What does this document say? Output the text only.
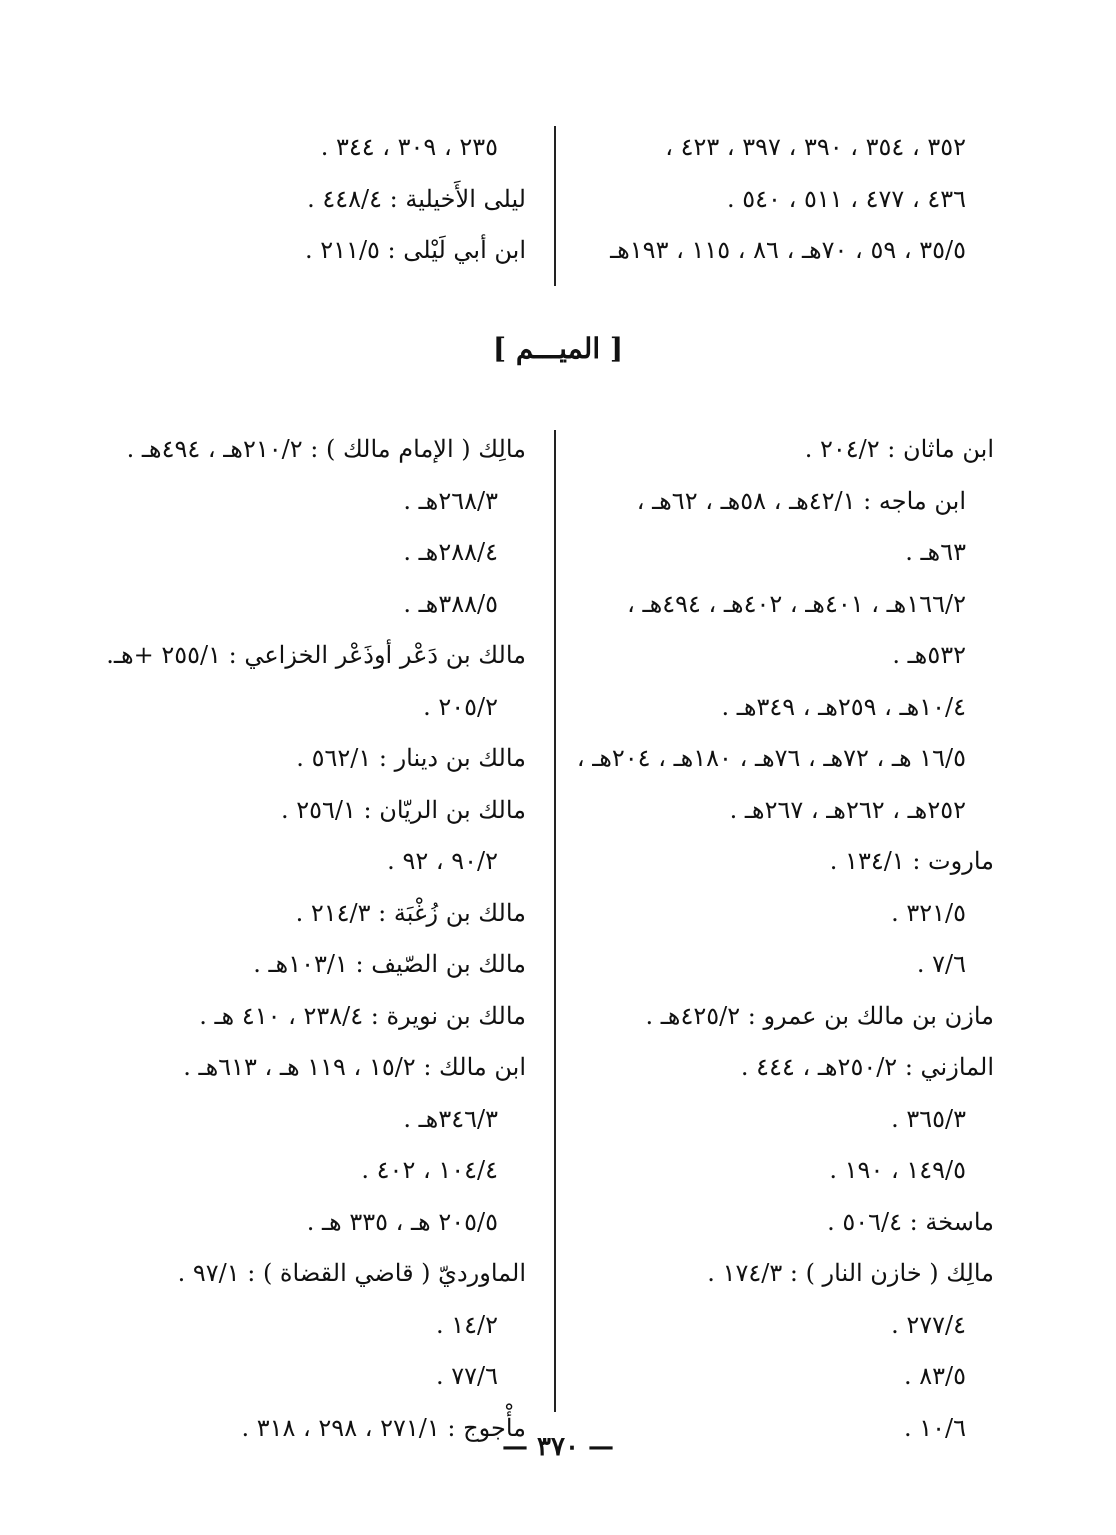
٣٥٢ ، ٣٥٤ ، ٣٩٠ ، ٣٩٧ ، ٤٢٣ ،
٤٣٦ ، ٤٧٧ ، ٥١١ ، ٥٤٠ .
٣٥/٥ ، ٥٩ ، ٧٠هـ ، ٨٦ ، ١١٥ ، ١٩٣هـ
٢٣٥ ، ٣٠٩ ، ٣٤٤ .
ليلى الأَخيلية : ٤٤٨/٤ .
ابن أبي لَيْلى : ٢١١/٥ .
[ الميـــم ]
ابن ماثان : ٢٠٤/٢ .
ابن ماجه : ٤٢/١هـ ، ٥٨هـ ، ٦٢هـ ،
٦٣هـ .
١٦٦/٢هـ ، ٤٠١هـ ، ٤٠٢هـ ، ٤٩٤هـ ،
٥٣٢هـ .
١٠/٤هـ ، ٢٥٩هـ ، ٣٤٩هـ .
١٦/٥ هـ ، ٧٢هـ ، ٧٦هـ ، ١٨٠هـ ، ٢٠٤هـ ،
٢٥٢هـ ، ٢٦٢هـ ، ٢٦٧هـ .
ماروت : ١٣٤/١ .
٣٢١/٥ .
٧/٦ .
مازن بن مالك بن عمرو : ٤٢٥/٢هـ .
المازني : ٢٥٠/٢هـ ، ٤٤٤ .
٣٦٥/٣ .
١٤٩/٥ ، ١٩٠ .
ماسخة : ٥٠٦/٤ .
مالِك ( خازن النار ) : ١٧٤/٣ .
٢٧٧/٤ .
٨٣/٥ .
١٠/٦ .
مالِك ( الإمام مالك ) : ٢١٠/٢هـ ، ٤٩٤هـ .
٢٦٨/٣هـ .
٢٨٨/٤هـ .
٣٨٨/٥هـ .
مالك بن دَعْر أوذَعْر الخزاعي : ٢٥٥/١ +هـ.
٢٠٥/٢ .
مالك بن دينار : ٥٦٢/١ .
مالك بن الريّان : ٢٥٦/١ .
٩٠/٢ ، ٩٢ .
مالك بن زُغْبَة : ٢١٤/٣ .
مالك بن الصّيف : ١٠٣/١هـ .
مالك بن نويرة : ٢٣٨/٤ ، ٤١٠ هـ .
ابن مالك : ١٥/٢ ، ١١٩ هـ ، ٦١٣هـ .
٣٤٦/٣هـ .
١٠٤/٤ ، ٤٠٢ .
٢٠٥/٥ هـ ، ٣٣٥ هـ .
الماورديّ ( قاضي القضاة ) : ٩٧/١ .
١٤/٢ .
٧٧/٦ .
مأْجوج : ٢٧١/١ ، ٢٩٨ ، ٣١٨ .
— ٣٧٠ —
